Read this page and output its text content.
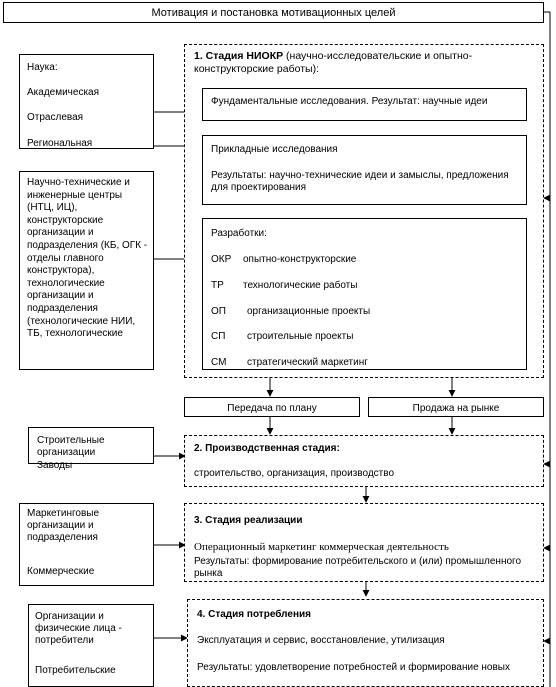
Мотивация и постановка мотивационных целей
Наука:
Академическая
Отраслевая
Региональная
Научно-технические и инженерные центры (НТЦ, ИЦ), конструкторские организации и подразделения (КБ, ОГК - отделы главного конструктора), технологические организации и подразделения (технологические НИИ, ТБ, технологические
Строительные организации
Заводы
Маркетинговые организации и подразделения
Коммерческие
Организации и физические лица - потребители
Потребительские
1. Стадия НИОКР (научно-исследовательские и опытно-конструкторские работы):
Фундаментальные исследования. Результат: научные идеи
Прикладные исследования
Результаты: научно-технические идеи и замыслы, предложения для проектирования
Разработки:
ОКР опытно-конструкторские
ТР технологические работы
ОП организационные проекты
СП строительные проекты
СМ стратегический маркетинг
Передача по плану	Продажа на рынке
2. Производственная стадия:
строительство, организация, производство
3. Стадия реализации
Операционный маркетинг коммерческая деятельность
Результаты: формирование потребительского и (или) промышленного рынка
4. Стадия потребления
Эксплуатация и сервис, восстановление, утилизация
Результаты: удовлетворение потребностей и формирование новых
